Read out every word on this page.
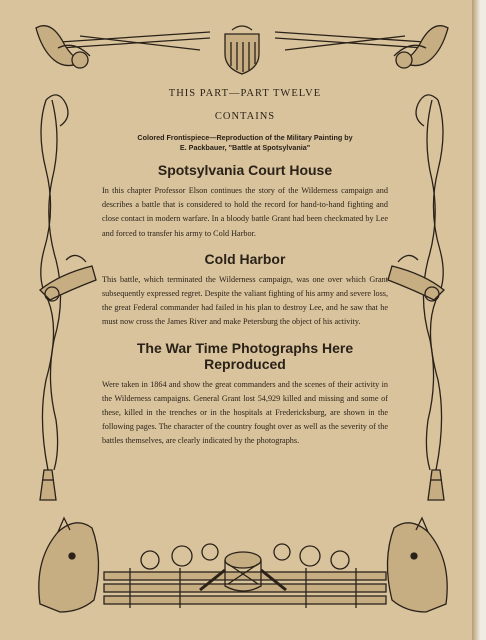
THIS PART—PART TWELVE

CONTAINS

Colored Frontispiece—Reproduction of the Military Painting by
E. Packbauer, "Battle at Spotsylvania"

Spotsylvania Court House

In this chapter Professor Elson continues the story of the Wilderness campaign and describes a battle that is considered to hold the record for hand-to-hand fighting and close contact in modern warfare. In a bloody battle Grant had been checkmated by Lee and forced to transfer his army to Cold Harbor.

Cold Harbor

This battle, which terminated the Wilderness campaign, was one over which Grant subsequently expressed regret. Despite the valiant fighting of his army and severe loss, the great Federal commander had failed in his plan to destroy Lee, and he saw that he must now cross the James River and make Petersburg the object of his activity.

The War Time Photographs Here Reproduced

Were taken in 1864 and show the great commanders and the scenes of their activity in the Wilderness campaigns. General Grant lost 54,929 killed and missing and some of these, killed in the trenches or in the hospitals at Fredericksburg, are shown in the following pages. The character of the country fought over as well as the severity of the battles themselves, are clearly indicated by the photographs.
